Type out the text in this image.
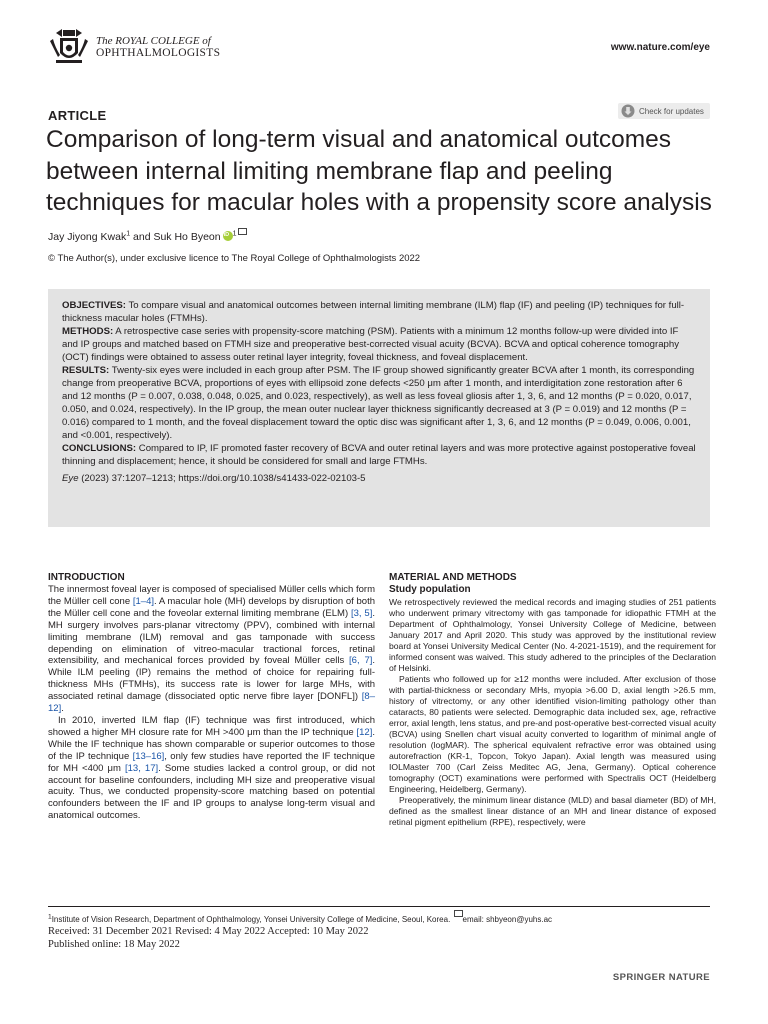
The ROYAL COLLEGE of
OPHTHALMOLOGISTS	www.nature.com/eye
ARTICLE	Check for updates
Comparison of long-term visual and anatomical outcomes between internal limiting membrane flap and peeling techniques for macular holes with a propensity score analysis
Jay Jiyong Kwak$^1$ and Suk Ho ByeoniD $^1$
© The Author(s), under exclusive licence to The Royal College of Ophthalmologists 2022

OBJECTIVES: To compare visual and anatomical outcomes between internal limiting membrane (ILM) flap (IF) and peeling (IP) techniques for full-thickness macular holes (FTMHs).

METHODS: A retrospective case series with propensity-score matching (PSM). Patients with a minimum 12 months follow-up were divided into IF and IP groups and matched based on FTMH size and preoperative best-corrected visual acuity (BCVA). BCVA and optical coherence tomography (OCT) findings were obtained to assess outer retinal layer integrity, foveal thickness, and foveal displacement.

RESULTS: Twenty-six eyes were included in each group after PSM. The IF group showed significantly greater BCVA after 1 month, its corresponding change from preoperative BCVA, proportions of eyes with ellipsoid zone defects <250 μm after 1 month, and interdigitation zone restoration after 6 and 12 months (P = 0.007, 0.038, 0.048, 0.025, and 0.023, respectively), as well as less foveal gliosis after 1, 3, 6, and 12 months (P = 0.020, 0.017, 0.050, and 0.024, respectively). In the IP group, the mean outer nuclear layer thickness significantly decreased at 3 (P = 0.019) and 12 months (P = 0.016) compared to 1 month, and the foveal displacement toward the optic disc was significant after 1, 3, 6, and 12 months (P = 0.049, 0.006, 0.001, and <0.001, respectively).

CONCLUSIONS: Compared to IP, IF promoted faster recovery of BCVA and outer retinal layers and was more protective against postoperative foveal thinning and displacement; hence, it should be considered for small and large FTMHs.

Eye (2023) 37:1207–1213; https://doi.org/10.1038/s41433-022-02103-5

INTRODUCTION

The innermost foveal layer is composed of specialised Müller cells which form the Müller cell cone [1–4]. A macular hole (MH) develops by disruption of both the Müller cell cone and the foveolar external limiting membrane (ELM) [3, 5]. MH surgery involves pars-planar vitrectomy (PPV), combined with internal limiting membrane (ILM) removal and gas tamponade with success depending on elimination of vitreo-macular tractional forces, retinal extensibility, and mechanical forces provided by foveal Müller cells [6, 7]. While ILM peeling (IP) remains the method of choice for repairing full-thickness MHs (FTMHs), its success rate is lower for large MHs, with associated retinal damage (dissociated optic nerve fibre layer [DONFL]) [8–12].

In 2010, inverted ILM flap (IF) technique was first introduced, which showed a higher MH closure rate for MH >400 μm than the IP technique [12]. While the IF technique has shown comparable or superior outcomes to those of the IP technique [13–16], only few studies have reported the IF technique for MH <400 μm [13, 17]. Some studies lacked a control group, or did not account for baseline confounders, including MH size and preoperative visual acuity. Thus, we conducted propensity-score matching based on potential confounders between the IF and IP groups to analyse long-term visual and anatomical outcomes.

MATERIAL AND METHODS
Study population

We retrospectively reviewed the medical records and imaging studies of 251 patients who underwent primary vitrectomy with gas tamponade for idiopathic FTMH at the Department of Ophthalmology, Yonsei University College of Medicine, between January 2017 and April 2020. This study was approved by the institutional review board at Yonsei University Medical Center (No. 4-2021-1519), and the requirement for informed consent was waived. This study adhered to the principles of the Declaration of Helsinki.

Patients who followed up for ≥12 months were included. After exclusion of those with partial-thickness or secondary MHs, myopia >6.00 D, axial length >26.5 mm, history of vitrectomy, or any other identified vision-limiting pathology other than cataracts, 80 patients were selected. Demographic data included sex, age, refractive error, axial length, lens status, and pre-and post-operative best-corrected visual acuity (BCVA) using Snellen chart visual acuity converted to logarithm of minimal angle of resolution (logMAR). The spherical equivalent refractive error was obtained using autorefraction (KR-1, Topcon, Tokyo Japan). Axial length was measured using IOLMaster 700 (Carl Zeiss Meditec AG, Jena, Germany). Optical coherence tomography (OCT) examinations were performed with Spectralis OCT (Heidelberg Engineering, Heidelberg, Germany).

Preoperatively, the minimum linear distance (MLD) and basal diameter (BD) of MH, defined as the smallest linear distance of an MH and linear distance of exposed retinal pigment epithelium (RPE), respectively, were

$^1$Institute of Vision Research, Department of Ophthalmology, Yonsei University College of Medicine, Seoul, Korea. email: shbyeon@yuhs.ac
Received: 31 December 2021 Revised: 4 May 2022 Accepted: 10 May 2022
Published online: 18 May 2022
SPRINGER NATURE
